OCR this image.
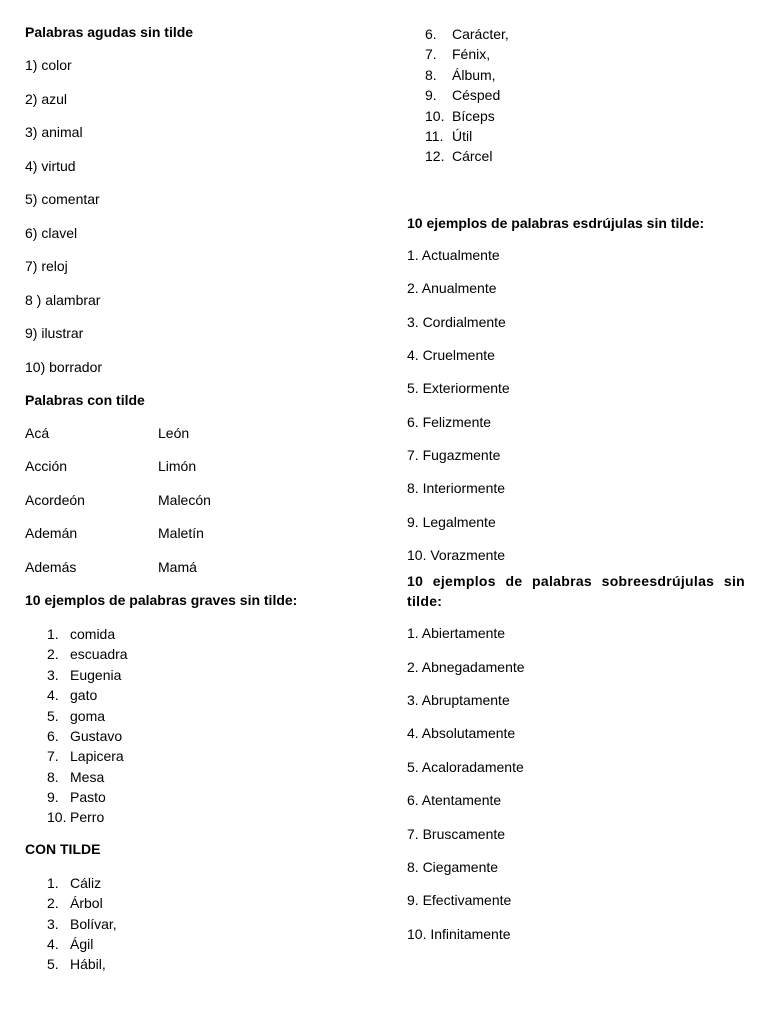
Palabras agudas sin tilde

1) color
2) azul
3) animal
4) virtud
5) comentar
6) clavel
7) reloj
8 ) alambrar
9) ilustrar
10) borrador

Palabras con tilde

Acá	León
Acción	Limón
Acordeón	Malecón
Ademán	Maletín
Además	Mamá

10 ejemplos de palabras graves sin tilde:

1. comida
2. escuadra
3. Eugenia
4. gato
5. goma
6. Gustavo
7. Lapicera
8. Mesa
9. Pasto
10. Perro

CON TILDE

1. Cáliz
2. Árbol
3. Bolívar,
4. Ágil
5. Hábil,
6.	Carácter,
7.	Fénix,
8.	Álbum,
9.	Césped
10. Bíceps
11. Útil
12. Cárcel

10 ejemplos de palabras esdrújulas sin tilde:

1. Actualmente
2. Anualmente
3. Cordialmente
4. Cruelmente
5. Exteriormente
6. Felizmente
7. Fugazmente
8. Interiormente
9. Legalmente
10. Vorazmente

10 ejemplos de palabras sobreesdrújulas sin tilde:

1. Abiertamente
2. Abnegadamente
3. Abruptamente
4. Absolutamente
5. Acaloradamente
6. Atentamente
7. Bruscamente
8. Ciegamente
9. Efectivamente
10. Infinitamente
